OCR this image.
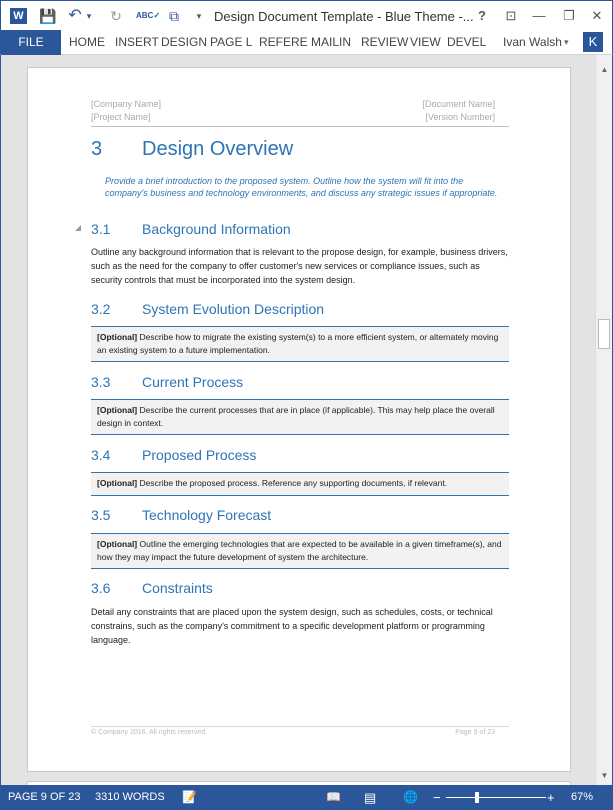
W 💾 ↶ ▾ ↻	ABC✓ ⧉	▾ Design Document Template - Blue Theme -... ?	⊡	—	❐	✕
FILE	HOME INSERT DESIGN PAGE L REFERE MAILIN REVIEW VIEW DEVEL Ivan Walsh ▾	K
[Company Name]
[Project Name]
[Document Name]
[Version Number]
3 Design Overview
Provide a brief introduction to the proposed system. Outline how the system will fit into the company's business and technology environments, and discuss any strategic issues if appropriate.
3.1 Background Information
Outline any background information that is relevant to the propose design, for example, business drivers, such as the need for the company to offer customer's new services or compliance issues, such as security controls that must be incorporated into the system design.
3.2 System Evolution Description
[Optional] Describe how to migrate the existing system(s) to a more efficient system, or alternately moving an existing system to a future implementation.
3.3 Current Process
[Optional] Describe the current processes that are in place (if applicable). This may help place the overall design in context.
3.4 Proposed Process
[Optional] Describe the proposed process. Reference any supporting documents, if relevant.
3.5 Technology Forecast
[Optional] Outline the emerging technologies that are expected to be available in a given timeframe(s), and how they may impact the future development of system the architecture.
3.6 Constraints
Detail any constraints that are placed upon the system design, such as schedules, costs, or technical constrains, such as the company's commitment to a specific development platform or programming language.
© Company 2016. All rights reserved.	Page 9 of 23
▲
▼
PAGE 9 OF 23 3310 WORDS 📝	📖 ▤ 🌐 −	+ 67%
